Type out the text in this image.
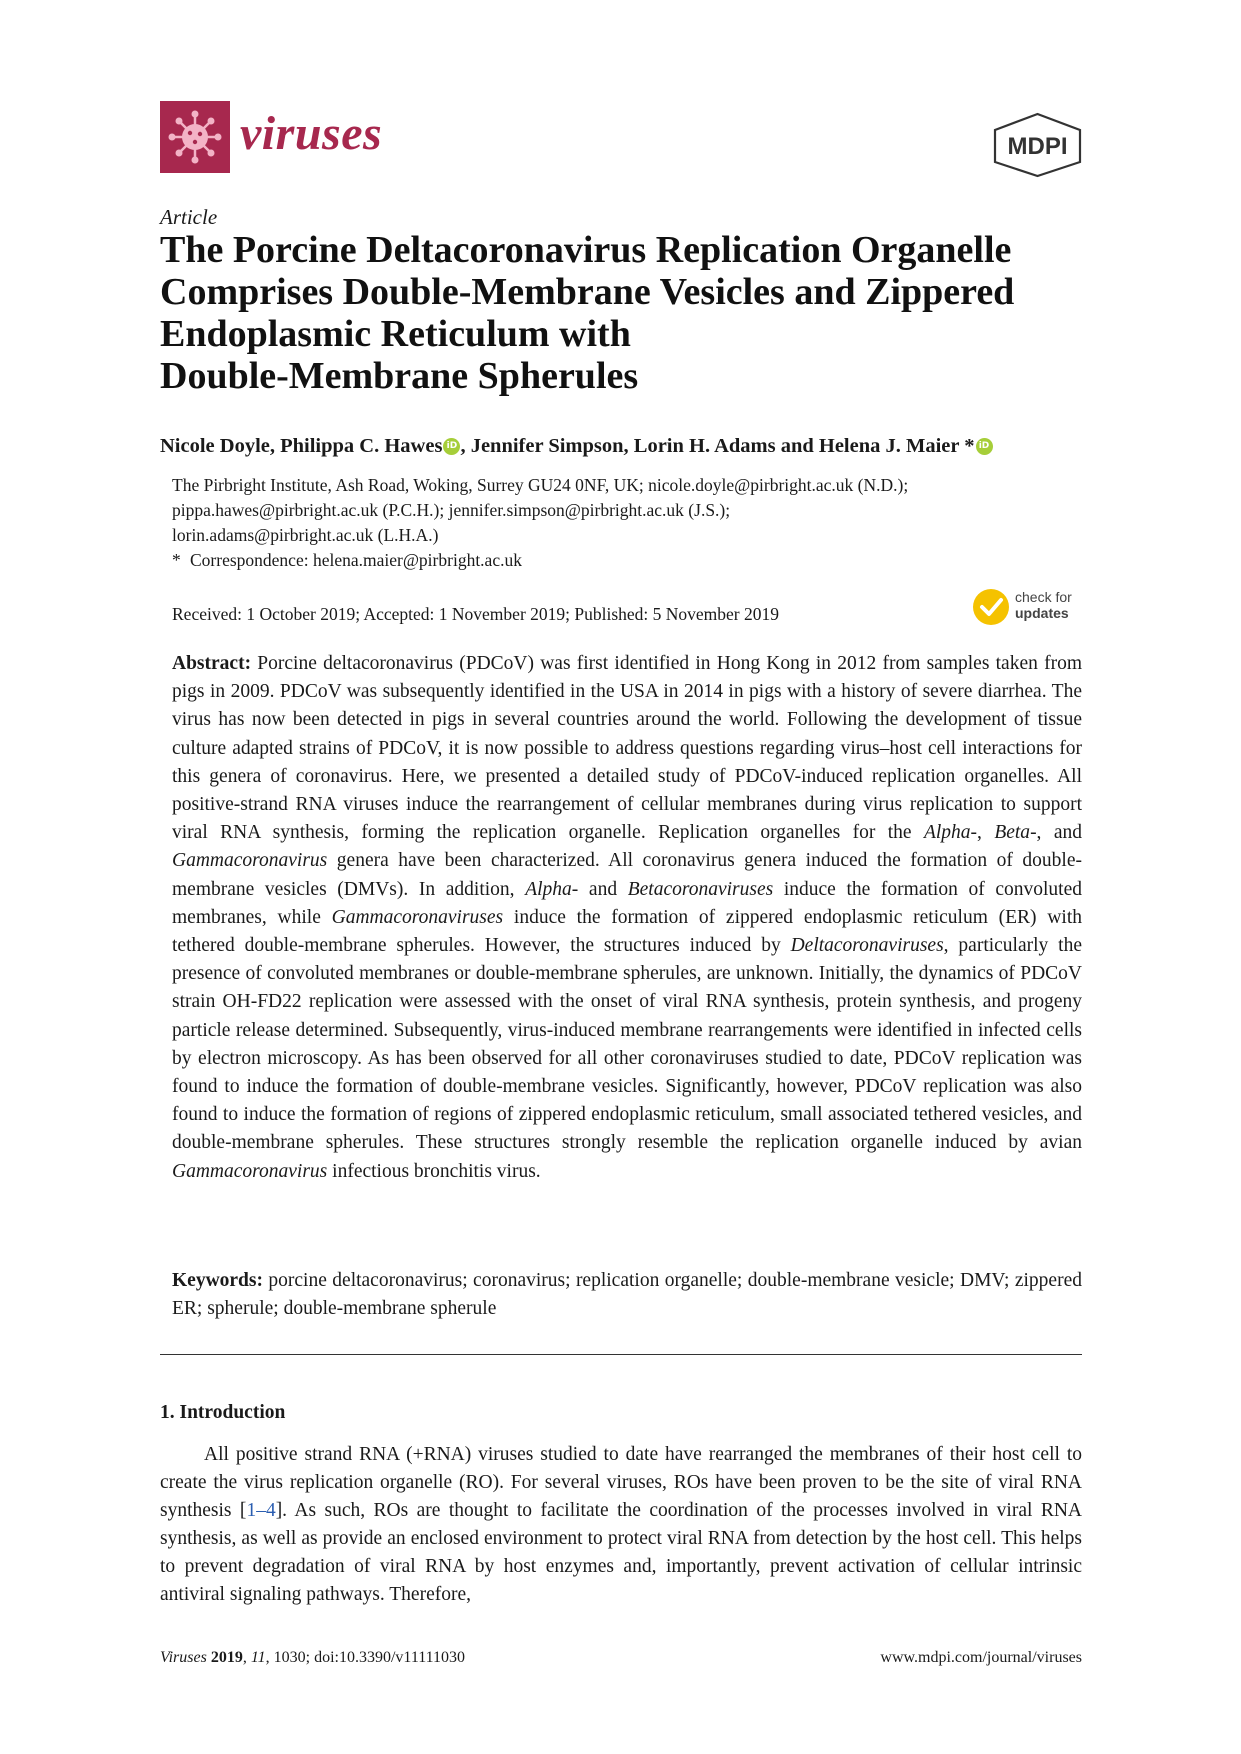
viruses	MDPI
Article
The Porcine Deltacoronavirus Replication Organelle
Comprises Double-Membrane Vesicles and Zippered
Endoplasmic Reticulum with
Double-Membrane Spherules
Nicole Doyle, Philippa C. Hawes iD , Jennifer Simpson, Lorin H. Adams and Helena J. Maier * iD
The Pirbright Institute, Ash Road, Woking, Surrey GU24 0NF, UK; nicole.doyle@pirbright.ac.uk (N.D.);
pippa.hawes@pirbright.ac.uk (P.C.H.); jennifer.simpson@pirbright.ac.uk (J.S.);
lorin.adams@pirbright.ac.uk (L.H.A.)
* Correspondence: helena.maier@pirbright.ac.uk
Received: 1 October 2019; Accepted: 1 November 2019; Published: 5 November 2019
check for
updates
Abstract: Porcine deltacoronavirus (PDCoV) was first identified in Hong Kong in 2012 from samples taken from pigs in 2009. PDCoV was subsequently identified in the USA in 2014 in pigs with a history of severe diarrhea. The virus has now been detected in pigs in several countries around the world. Following the development of tissue culture adapted strains of PDCoV, it is now possible to address questions regarding virus–host cell interactions for this genera of coronavirus. Here, we presented a detailed study of PDCoV-induced replication organelles. All positive-strand RNA viruses induce the rearrangement of cellular membranes during virus replication to support viral RNA synthesis, forming the replication organelle. Replication organelles for the Alpha-, Beta-, and Gammacoronavirus genera have been characterized. All coronavirus genera induced the formation of double-membrane vesicles (DMVs). In addition, Alpha- and Betacoronaviruses induce the formation of convoluted membranes, while Gammacoronaviruses induce the formation of zippered endoplasmic reticulum (ER) with tethered double-membrane spherules. However, the structures induced by Deltacoronaviruses, particularly the presence of convoluted membranes or double-membrane spherules, are unknown. Initially, the dynamics of PDCoV strain OH-FD22 replication were assessed with the onset of viral RNA synthesis, protein synthesis, and progeny particle release determined. Subsequently, virus-induced membrane rearrangements were identified in infected cells by electron microscopy. As has been observed for all other coronaviruses studied to date, PDCoV replication was found to induce the formation of double-membrane vesicles. Significantly, however, PDCoV replication was also found to induce the formation of regions of zippered endoplasmic reticulum, small associated tethered vesicles, and double-membrane spherules. These structures strongly resemble the replication organelle induced by avian Gammacoronavirus infectious bronchitis virus.
Keywords: porcine deltacoronavirus; coronavirus; replication organelle; double-membrane vesicle; DMV; zippered ER; spherule; double-membrane spherule
1. Introduction
All positive strand RNA (+RNA) viruses studied to date have rearranged the membranes of their host cell to create the virus replication organelle (RO). For several viruses, ROs have been proven to be the site of viral RNA synthesis [1–4]. As such, ROs are thought to facilitate the coordination of the processes involved in viral RNA synthesis, as well as provide an enclosed environment to protect viral RNA from detection by the host cell. This helps to prevent degradation of viral RNA by host enzymes and, importantly, prevent activation of cellular intrinsic antiviral signaling pathways. Therefore,
Viruses 2019, 11, 1030; doi:10.3390/v11111030	www.mdpi.com/journal/viruses
